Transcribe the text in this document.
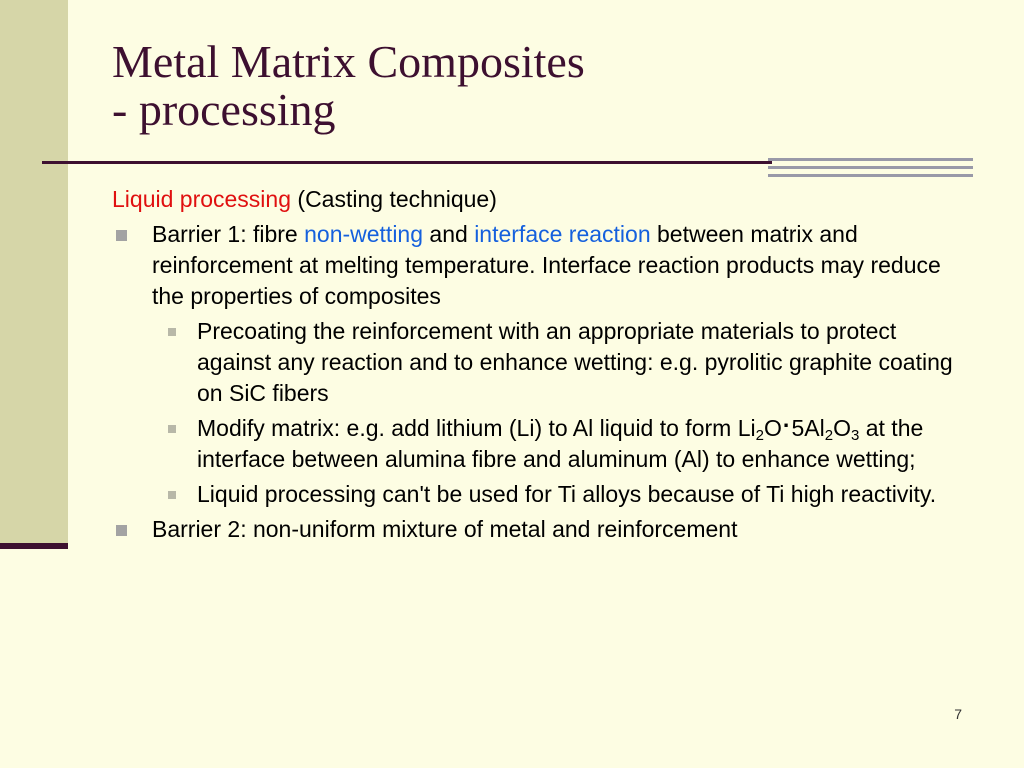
Metal Matrix Composites
- processing

Liquid processing (Casting technique)

Barrier 1: fibre non-wetting and interface reaction between matrix and reinforcement at melting temperature. Interface reaction products may reduce the properties of composites
Precoating the reinforcement with an appropriate materials to protect against any reaction and to enhance wetting: e.g. pyrolitic graphite coating on SiC fibers
Modify matrix: e.g. add lithium (Li) to Al liquid to form $Li_2O\cdot 5Al_2O_3$ at the interface between alumina fibre and aluminum (Al) to enhance wetting;
Liquid processing can't be used for Ti alloys because of Ti high reactivity.
Barrier 2: non-uniform mixture of metal and reinforcement
7
